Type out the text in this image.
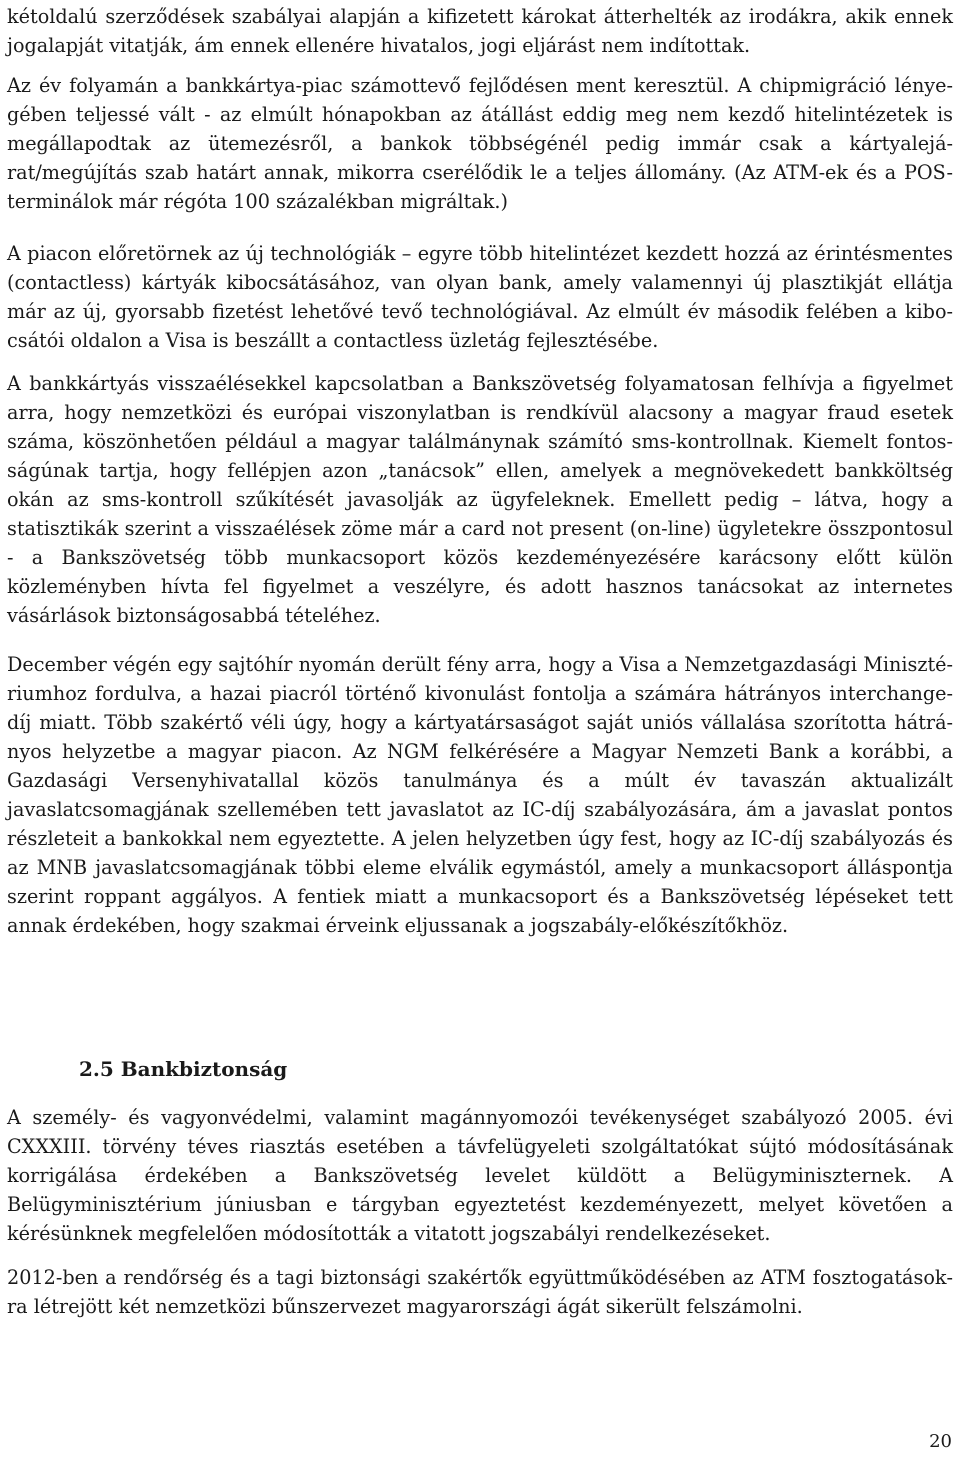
kétoldalú szerződések szabályai alapján a kifizetett károkat átterhelték az irodákra, akik ennek jogalapját vitatják, ám ennek ellenére hivatalos, jogi eljárást nem indítottak.

Az év folyamán a bankkártya-piac számottevő fejlődésen ment keresztül. A chipmigráció lényegében teljessé vált - az elmúlt hónapokban az átállást eddig meg nem kezdő hitelintézetek is megállapodtak az ütemezésről, a bankok többségénél pedig immár csak a kártyalejárat/megújítás szab határt annak, mikorra cserélődik le a teljes állomány. (Az ATM-ek és a POS-terminálok már régóta 100 százalékban migráltak.)

A piacon előretörnek az új technológiák – egyre több hitelintézet kezdett hozzá az érintésmentes (contactless) kártyák kibocsátásához, van olyan bank, amely valamennyi új plasztikját ellátja már az új, gyorsabb fizetést lehetővé tevő technológiával. Az elmúlt év második felében a kibocsátói oldalon a Visa is beszállt a contactless üzletág fejlesztésébe.

A bankkártyás visszaélésekkel kapcsolatban a Bankszövetség folyamatosan felhívja a figyelmet arra, hogy nemzetközi és európai viszonylatban is rendkívül alacsony a magyar fraud esetek száma, köszönhetően például a magyar találmánynak számító sms-kontrollnak. Kiemelt fontosságúnak tartja, hogy fellépjen azon „tanácsok” ellen, amelyek a megnövekedett bankköltség okán az sms-kontroll szűkítését javasolják az ügyfeleknek. Emellett pedig – látva, hogy a statisztikák szerint a visszaélések zöme már a card not present (on-line) ügyletekre összpontosul - a Bankszövetség több munkacsoport közös kezdeményezésére karácsony előtt külön közleményben hívta fel figyelmet a veszélyre, és adott hasznos tanácsokat az internetes vásárlások biztonságosabbá tételéhez.

December végén egy sajtóhír nyomán derült fény arra, hogy a Visa a Nemzetgazdasági Minisztériumhoz fordulva, a hazai piacról történő kivonulást fontolja a számára hátrányos interchange-díj miatt. Több szakértő véli úgy, hogy a kártyatársaságot saját uniós vállalása szorította hátrányos helyzetbe a magyar piacon. Az NGM felkérésére a Magyar Nemzeti Bank a korábbi, a Gazdasági Versenyhivatallal közös tanulmánya és a múlt év tavaszán aktualizált javaslatcsomagjának szellemében tett javaslatot az IC-díj szabályozására, ám a javaslat pontos részleteit a bankokkal nem egyeztette. A jelen helyzetben úgy fest, hogy az IC-díj szabályozás és az MNB javaslatcsomagjának többi eleme elválik egymástól, amely a munkacsoport álláspontja szerint roppant aggályos. A fentiek miatt a munkacsoport és a Bankszövetség lépéseket tett annak érdekében, hogy szakmai érveink eljussanak a jogszabály-előkészítőkhöz.

2.5 Bankbiztonság

A személy- és vagyonvédelmi, valamint magánnyomozói tevékenységet szabályozó 2005. évi CXXXIII. törvény téves riasztás esetében a távfelügyeleti szolgáltatókat sújtó módosításának korrigálása érdekében a Bankszövetség levelet küldött a Belügyminiszternek. A Belügyminisztérium júniusban e tárgyban egyeztetést kezdeményezett, melyet követően a kérésünknek megfelelően módosították a vitatott jogszabályi rendelkezéseket.

2012-ben a rendőrség és a tagi biztonsági szakértők együttműködésében az ATM fosztogatásokra létrejött két nemzetközi bűnszervezet magyarországi ágát sikerült felszámolni.

20
